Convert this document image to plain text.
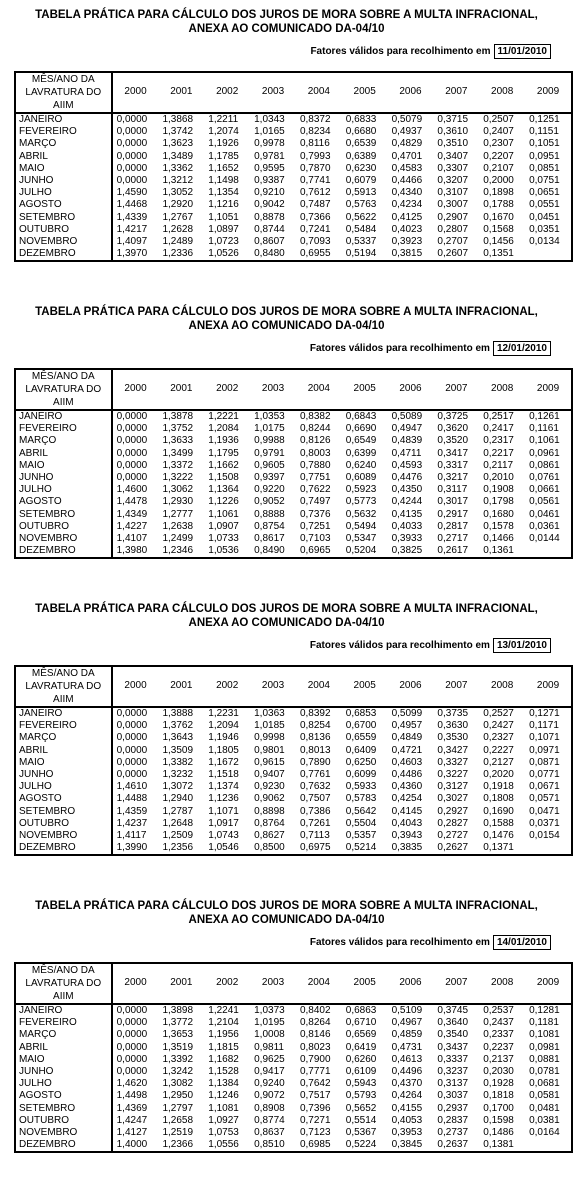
TABELA PRÁTICA PARA CÁLCULO DOS JUROS DE MORA SOBRE A MULTA INFRACIONAL,
ANEXA AO COMUNICADO DA-04/10
Fatores válidos para recolhimento em 11/01/2010
MÊS/ANO DA
LAVRATURA DO AIIM	2000	2001	2002	2003	2004	2005	2006	2007	2008	2009
JANEIRO	0,0000	1,3868	1,2211	1,0343	0,8372	0,6833	0,5079	0,3715	0,2507	0,1251
FEVEREIRO	0,0000	1,3742	1,2074	1,0165	0,8234	0,6680	0,4937	0,3610	0,2407	0,1151
MARÇO	0,0000	1,3623	1,1926	0,9978	0,8116	0,6539	0,4829	0,3510	0,2307	0,1051
ABRIL	0,0000	1,3489	1,1785	0,9781	0,7993	0,6389	0,4701	0,3407	0,2207	0,0951
MAIO	0,0000	1,3362	1,1652	0,9595	0,7870	0,6230	0,4583	0,3307	0,2107	0,0851
JUNHO	0,0000	1,3212	1,1498	0,9387	0,7741	0,6079	0,4466	0,3207	0,2000	0,0751
JULHO	1,4590	1,3052	1,1354	0,9210	0,7612	0,5913	0,4340	0,3107	0,1898	0,0651
AGOSTO	1,4468	1,2920	1,1216	0,9042	0,7487	0,5763	0,4234	0,3007	0,1788	0,0551
SETEMBRO	1,4339	1,2767	1,1051	0,8878	0,7366	0,5622	0,4125	0,2907	0,1670	0,0451
OUTUBRO	1,4217	1,2628	1,0897	0,8744	0,7241	0,5484	0,4023	0,2807	0,1568	0,0351
NOVEMBRO	1,4097	1,2489	1,0723	0,8607	0,7093	0,5337	0,3923	0,2707	0,1456	0,0134
DEZEMBRO	1,3970	1,2336	1,0526	0,8480	0,6955	0,5194	0,3815	0,2607	0,1351	
TABELA PRÁTICA PARA CÁLCULO DOS JUROS DE MORA SOBRE A MULTA INFRACIONAL,
ANEXA AO COMUNICADO DA-04/10
Fatores válidos para recolhimento em 12/01/2010
MÊS/ANO DA
LAVRATURA DO AIIM	2000	2001	2002	2003	2004	2005	2006	2007	2008	2009
JANEIRO	0,0000	1,3878	1,2221	1,0353	0,8382	0,6843	0,5089	0,3725	0,2517	0,1261
FEVEREIRO	0,0000	1,3752	1,2084	1,0175	0,8244	0,6690	0,4947	0,3620	0,2417	0,1161
MARÇO	0,0000	1,3633	1,1936	0,9988	0,8126	0,6549	0,4839	0,3520	0,2317	0,1061
ABRIL	0,0000	1,3499	1,1795	0,9791	0,8003	0,6399	0,4711	0,3417	0,2217	0,0961
MAIO	0,0000	1,3372	1,1662	0,9605	0,7880	0,6240	0,4593	0,3317	0,2117	0,0861
JUNHO	0,0000	1,3222	1,1508	0,9397	0,7751	0,6089	0,4476	0,3217	0,2010	0,0761
JULHO	1,4600	1,3062	1,1364	0,9220	0,7622	0,5923	0,4350	0,3117	0,1908	0,0661
AGOSTO	1,4478	1,2930	1,1226	0,9052	0,7497	0,5773	0,4244	0,3017	0,1798	0,0561
SETEMBRO	1,4349	1,2777	1,1061	0,8888	0,7376	0,5632	0,4135	0,2917	0,1680	0,0461
OUTUBRO	1,4227	1,2638	1,0907	0,8754	0,7251	0,5494	0,4033	0,2817	0,1578	0,0361
NOVEMBRO	1,4107	1,2499	1,0733	0,8617	0,7103	0,5347	0,3933	0,2717	0,1466	0,0144
DEZEMBRO	1,3980	1,2346	1,0536	0,8490	0,6965	0,5204	0,3825	0,2617	0,1361	
TABELA PRÁTICA PARA CÁLCULO DOS JUROS DE MORA SOBRE A MULTA INFRACIONAL,
ANEXA AO COMUNICADO DA-04/10
Fatores válidos para recolhimento em 13/01/2010
MÊS/ANO DA
LAVRATURA DO AIIM	2000	2001	2002	2003	2004	2005	2006	2007	2008	2009
JANEIRO	0,0000	1,3888	1,2231	1,0363	0,8392	0,6853	0,5099	0,3735	0,2527	0,1271
FEVEREIRO	0,0000	1,3762	1,2094	1,0185	0,8254	0,6700	0,4957	0,3630	0,2427	0,1171
MARÇO	0,0000	1,3643	1,1946	0,9998	0,8136	0,6559	0,4849	0,3530	0,2327	0,1071
ABRIL	0,0000	1,3509	1,1805	0,9801	0,8013	0,6409	0,4721	0,3427	0,2227	0,0971
MAIO	0,0000	1,3382	1,1672	0,9615	0,7890	0,6250	0,4603	0,3327	0,2127	0,0871
JUNHO	0,0000	1,3232	1,1518	0,9407	0,7761	0,6099	0,4486	0,3227	0,2020	0,0771
JULHO	1,4610	1,3072	1,1374	0,9230	0,7632	0,5933	0,4360	0,3127	0,1918	0,0671
AGOSTO	1,4488	1,2940	1,1236	0,9062	0,7507	0,5783	0,4254	0,3027	0,1808	0,0571
SETEMBRO	1,4359	1,2787	1,1071	0,8898	0,7386	0,5642	0,4145	0,2927	0,1690	0,0471
OUTUBRO	1,4237	1,2648	1,0917	0,8764	0,7261	0,5504	0,4043	0,2827	0,1588	0,0371
NOVEMBRO	1,4117	1,2509	1,0743	0,8627	0,7113	0,5357	0,3943	0,2727	0,1476	0,0154
DEZEMBRO	1,3990	1,2356	1,0546	0,8500	0,6975	0,5214	0,3835	0,2627	0,1371	
TABELA PRÁTICA PARA CÁLCULO DOS JUROS DE MORA SOBRE A MULTA INFRACIONAL,
ANEXA AO COMUNICADO DA-04/10
Fatores válidos para recolhimento em 14/01/2010
MÊS/ANO DA
LAVRATURA DO AIIM	2000	2001	2002	2003	2004	2005	2006	2007	2008	2009
JANEIRO	0,0000	1,3898	1,2241	1,0373	0,8402	0,6863	0,5109	0,3745	0,2537	0,1281
FEVEREIRO	0,0000	1,3772	1,2104	1,0195	0,8264	0,6710	0,4967	0,3640	0,2437	0,1181
MARÇO	0,0000	1,3653	1,1956	1,0008	0,8146	0,6569	0,4859	0,3540	0,2337	0,1081
ABRIL	0,0000	1,3519	1,1815	0,9811	0,8023	0,6419	0,4731	0,3437	0,2237	0,0981
MAIO	0,0000	1,3392	1,1682	0,9625	0,7900	0,6260	0,4613	0,3337	0,2137	0,0881
JUNHO	0,0000	1,3242	1,1528	0,9417	0,7771	0,6109	0,4496	0,3237	0,2030	0,0781
JULHO	1,4620	1,3082	1,1384	0,9240	0,7642	0,5943	0,4370	0,3137	0,1928	0,0681
AGOSTO	1,4498	1,2950	1,1246	0,9072	0,7517	0,5793	0,4264	0,3037	0,1818	0,0581
SETEMBRO	1,4369	1,2797	1,1081	0,8908	0,7396	0,5652	0,4155	0,2937	0,1700	0,0481
OUTUBRO	1,4247	1,2658	1,0927	0,8774	0,7271	0,5514	0,4053	0,2837	0,1598	0,0381
NOVEMBRO	1,4127	1,2519	1,0753	0,8637	0,7123	0,5367	0,3953	0,2737	0,1486	0,0164
DEZEMBRO	1,4000	1,2366	1,0556	0,8510	0,6985	0,5224	0,3845	0,2637	0,1381	
